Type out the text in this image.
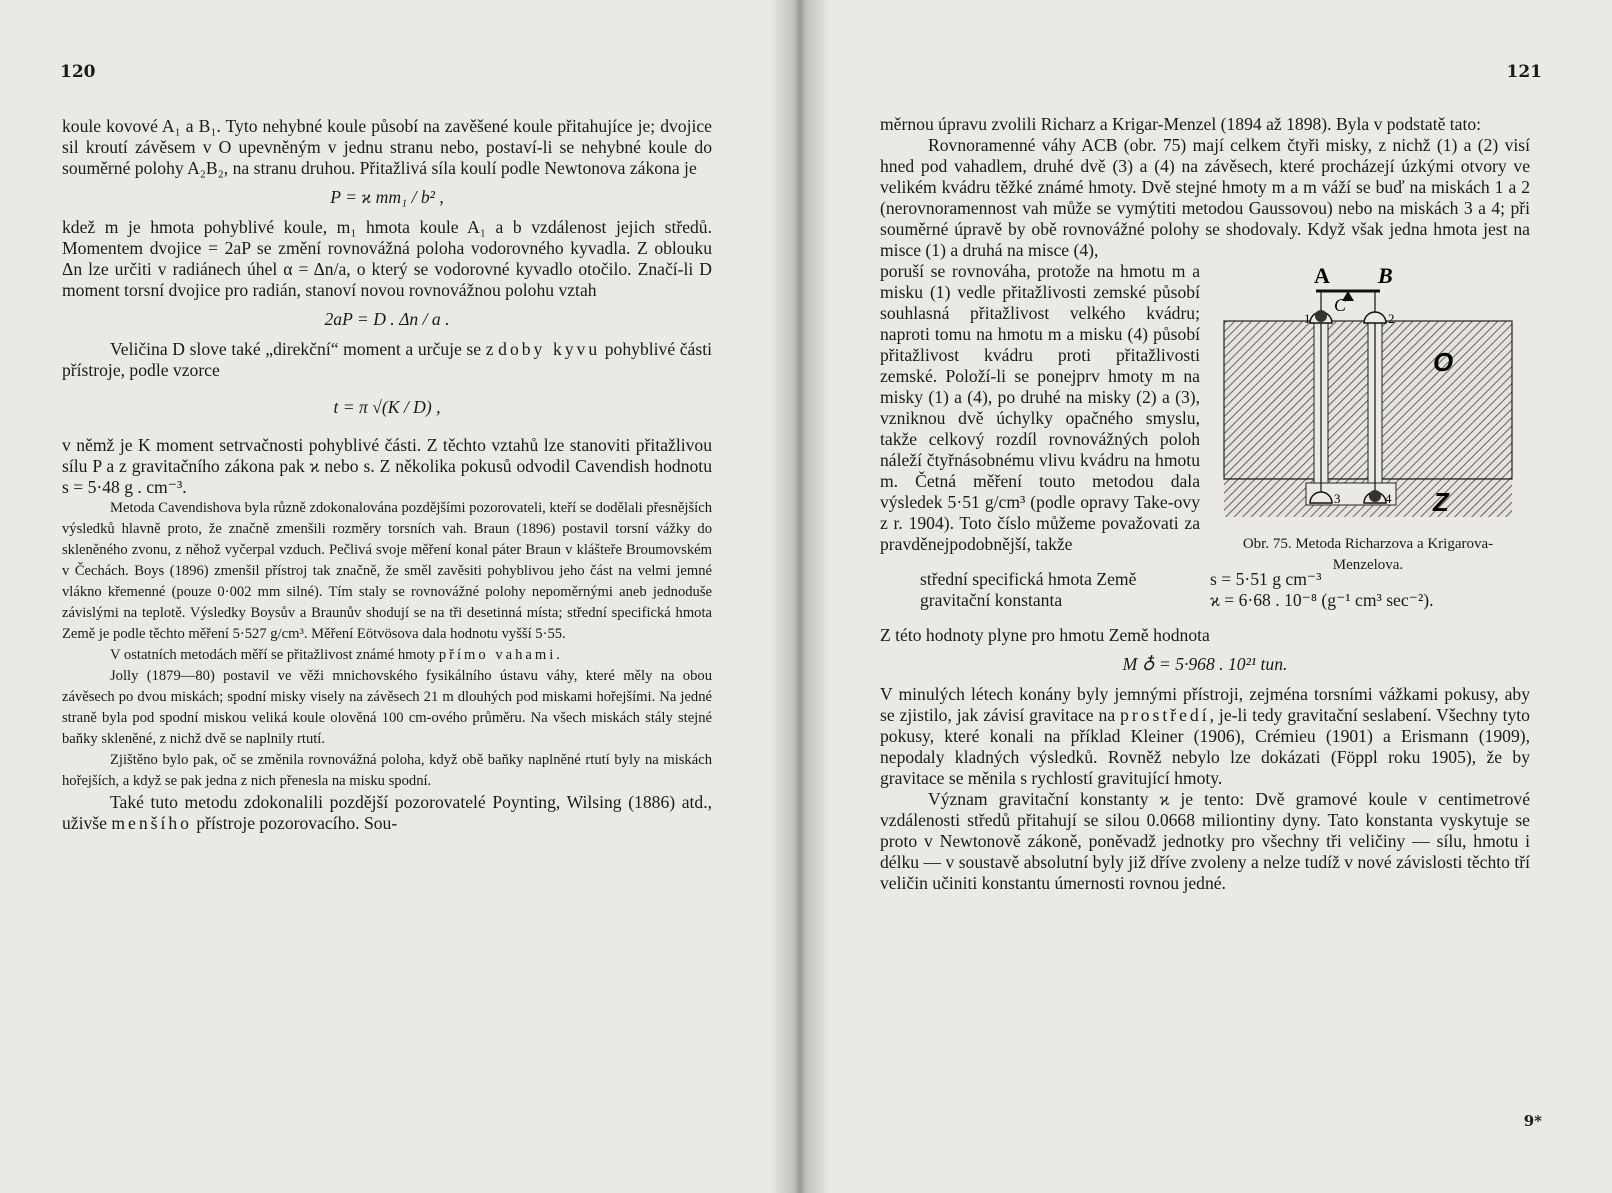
120

koule kovové A₁ a B₁. Tyto nehybné koule působí na zavěšené koule přitahujíce je; dvojice sil kroutí závěsem v O upevněným v jednu stranu nebo, postaví-li se nehybné koule do souměrné polohy A₂B₂, na stranu druhou. Přitažlivá síla koulí podle Newtonova zákona je

P = ϰ mm₁ / b² ,

kdež m je hmota pohyblivé koule, m₁ hmota koule A₁ a b vzdálenost jejich středů. Momentem dvojice = 2aP se změní rovnovážná poloha vodorovného kyvadla. Z oblouku Δn lze určiti v radiánech úhel α = Δn/a, o který se vodorovné kyvadlo otočilo. Značí-li D moment torsní dvojice pro radián, stanoví novou rovnovážnou polohu vztah

2aP = D . Δn / a .

Veličina D slove také „direkční“ moment a určuje se z doby kyvu pohyblivé části přístroje, podle vzorce

t = π √(K / D) ,

v němž je K moment setrvačnosti pohyblivé části. Z těchto vztahů lze stanoviti přitažlivou sílu P a z gravitačního zákona pak ϰ nebo s. Z několika pokusů odvodil Cavendish hodnotu s = 5·48 g . cm⁻³.

Metoda Cavendishova byla různě zdokonalována pozdějšími pozorovateli, kteří se dodělali přesnějších výsledků hlavně proto, že značně zmenšili rozměry torsních vah. Braun (1896) postavil torsní vážky do skleněného zvonu, z něhož vyčerpal vzduch. Pečlivá svoje měření konal páter Braun v klášteře Broumovském v Čechách. Boys (1896) zmenšil přístroj tak značně, že směl zavěsiti pohyblivou jeho část na velmi jemné vlákno křemenné (pouze 0·002 mm silné). Tím staly se rovnovážné polohy nepoměrnými aneb jednoduše závislými na teplotě. Výsledky Boysův a Braunův shodují se na tři desetinná místa; střední specifická hmota Země je podle těchto měření 5·527 g/cm³. Měření Eötvösova dala hodnotu vyšší 5·55.

V ostatních metodách měří se přitažlivost známé hmoty přímo vahami.

Jolly (1879—80) postavil ve věži mnichovského fysikálního ústavu váhy, které měly na obou závěsech po dvou miskách; spodní misky visely na závěsech 21 m dlouhých pod miskami hořejšími. Na jedné straně byla pod spodní miskou veliká koule olověná 100 cm-ového průměru. Na všech miskách stály stejné baňky skleněné, z nichž dvě se naplnily rtutí.

Zjištěno bylo pak, oč se změnila rovnovážná poloha, když obě baňky naplněné rtutí byly na miskách hořejších, a když se pak jedna z nich přenesla na misku spodní.

Také tuto metodu zdokonalili pozdější pozorovatelé Poynting, Wilsing (1886) atd., uživše menšího přístroje pozorovacího. Sou-

121

měrnou úpravu zvolili Richarz a Krigar-Menzel (1894 až 1898). Byla v podstatě tato:

Rovnoramenné váhy ACB (obr. 75) mají celkem čtyři misky, z nichž (1) a (2) visí hned pod vahadlem, druhé dvě (3) a (4) na závěsech, které procházejí úzkými otvory ve velikém kvádru těžké známé hmoty. Dvě stejné hmoty m a m váží se buď na miskách 1 a 2 (nerovnoramennost vah může se vymýtiti metodou Gaussovou) nebo na miskách 3 a 4; při souměrné úpravě by obě rovnovážné polohy se shodovaly. Když však jedna hmota jest na misce (1) a druhá na misce (4),

poruší se rovnováha, protože na hmotu m a misku (1) vedle přitažlivosti zemské působí souhlasná přitažlivost velkého kvádru; naproti tomu na hmotu m a misku (4) působí přitažlivost kvádru proti přitažlivosti zemské. Položí-li se ponejprv hmoty m na misky (1) a (4), po druhé na misky (2) a (3), vzniknou dvě úchylky opačného smyslu, takže celkový rozdíl rovnovážných poloh náleží čtyřnásobnému vlivu kvádru na hmotu m. Četná měření touto metodou dala výsledek 5·51 g/cm³ (podle opravy Take-ovy z r. 1904). Toto číslo můžeme považovati za pravděnejpodobnější, takže

A B
C
1	2
3	4
O
Z
Obr. 75. Metoda Richarzova a Krigarova-Menzelova.

střední specifická hmota Země	s = 5·51 g cm⁻³

gravitační konstanta	ϰ = 6·68 . 10⁻⁸ (g⁻¹ cm³ sec⁻²).

Z této hodnoty plyne pro hmotu Země hodnota

M ♁ = 5·968 . 10²¹ tun.

V minulých létech konány byly jemnými přístroji, zejména torsními vážkami pokusy, aby se zjistilo, jak závisí gravitace na prostředí, je-li tedy gravitační seslabení. Všechny tyto pokusy, které konali na příklad Kleiner (1906), Crémieu (1901) a Erismann (1909), nepodaly kladných výsledků. Rovněž nebylo lze dokázati (Föppl roku 1905), že by gravitace se měnila s rychlostí gravitující hmoty.

Význam gravitační konstanty ϰ je tento: Dvě gramové koule v centimetrové vzdálenosti středů přitahují se silou 0.0668 miliontiny dyny. Tato konstanta vyskytuje se proto v Newtonově zákoně, poněvadž jednotky pro všechny tři veličiny — sílu, hmotu i délku — v soustavě absolutní byly již dříve zvoleny a nelze tudíž v nové závislosti těchto tří veličin učiniti konstantu úmernosti rovnou jedné.

9*
